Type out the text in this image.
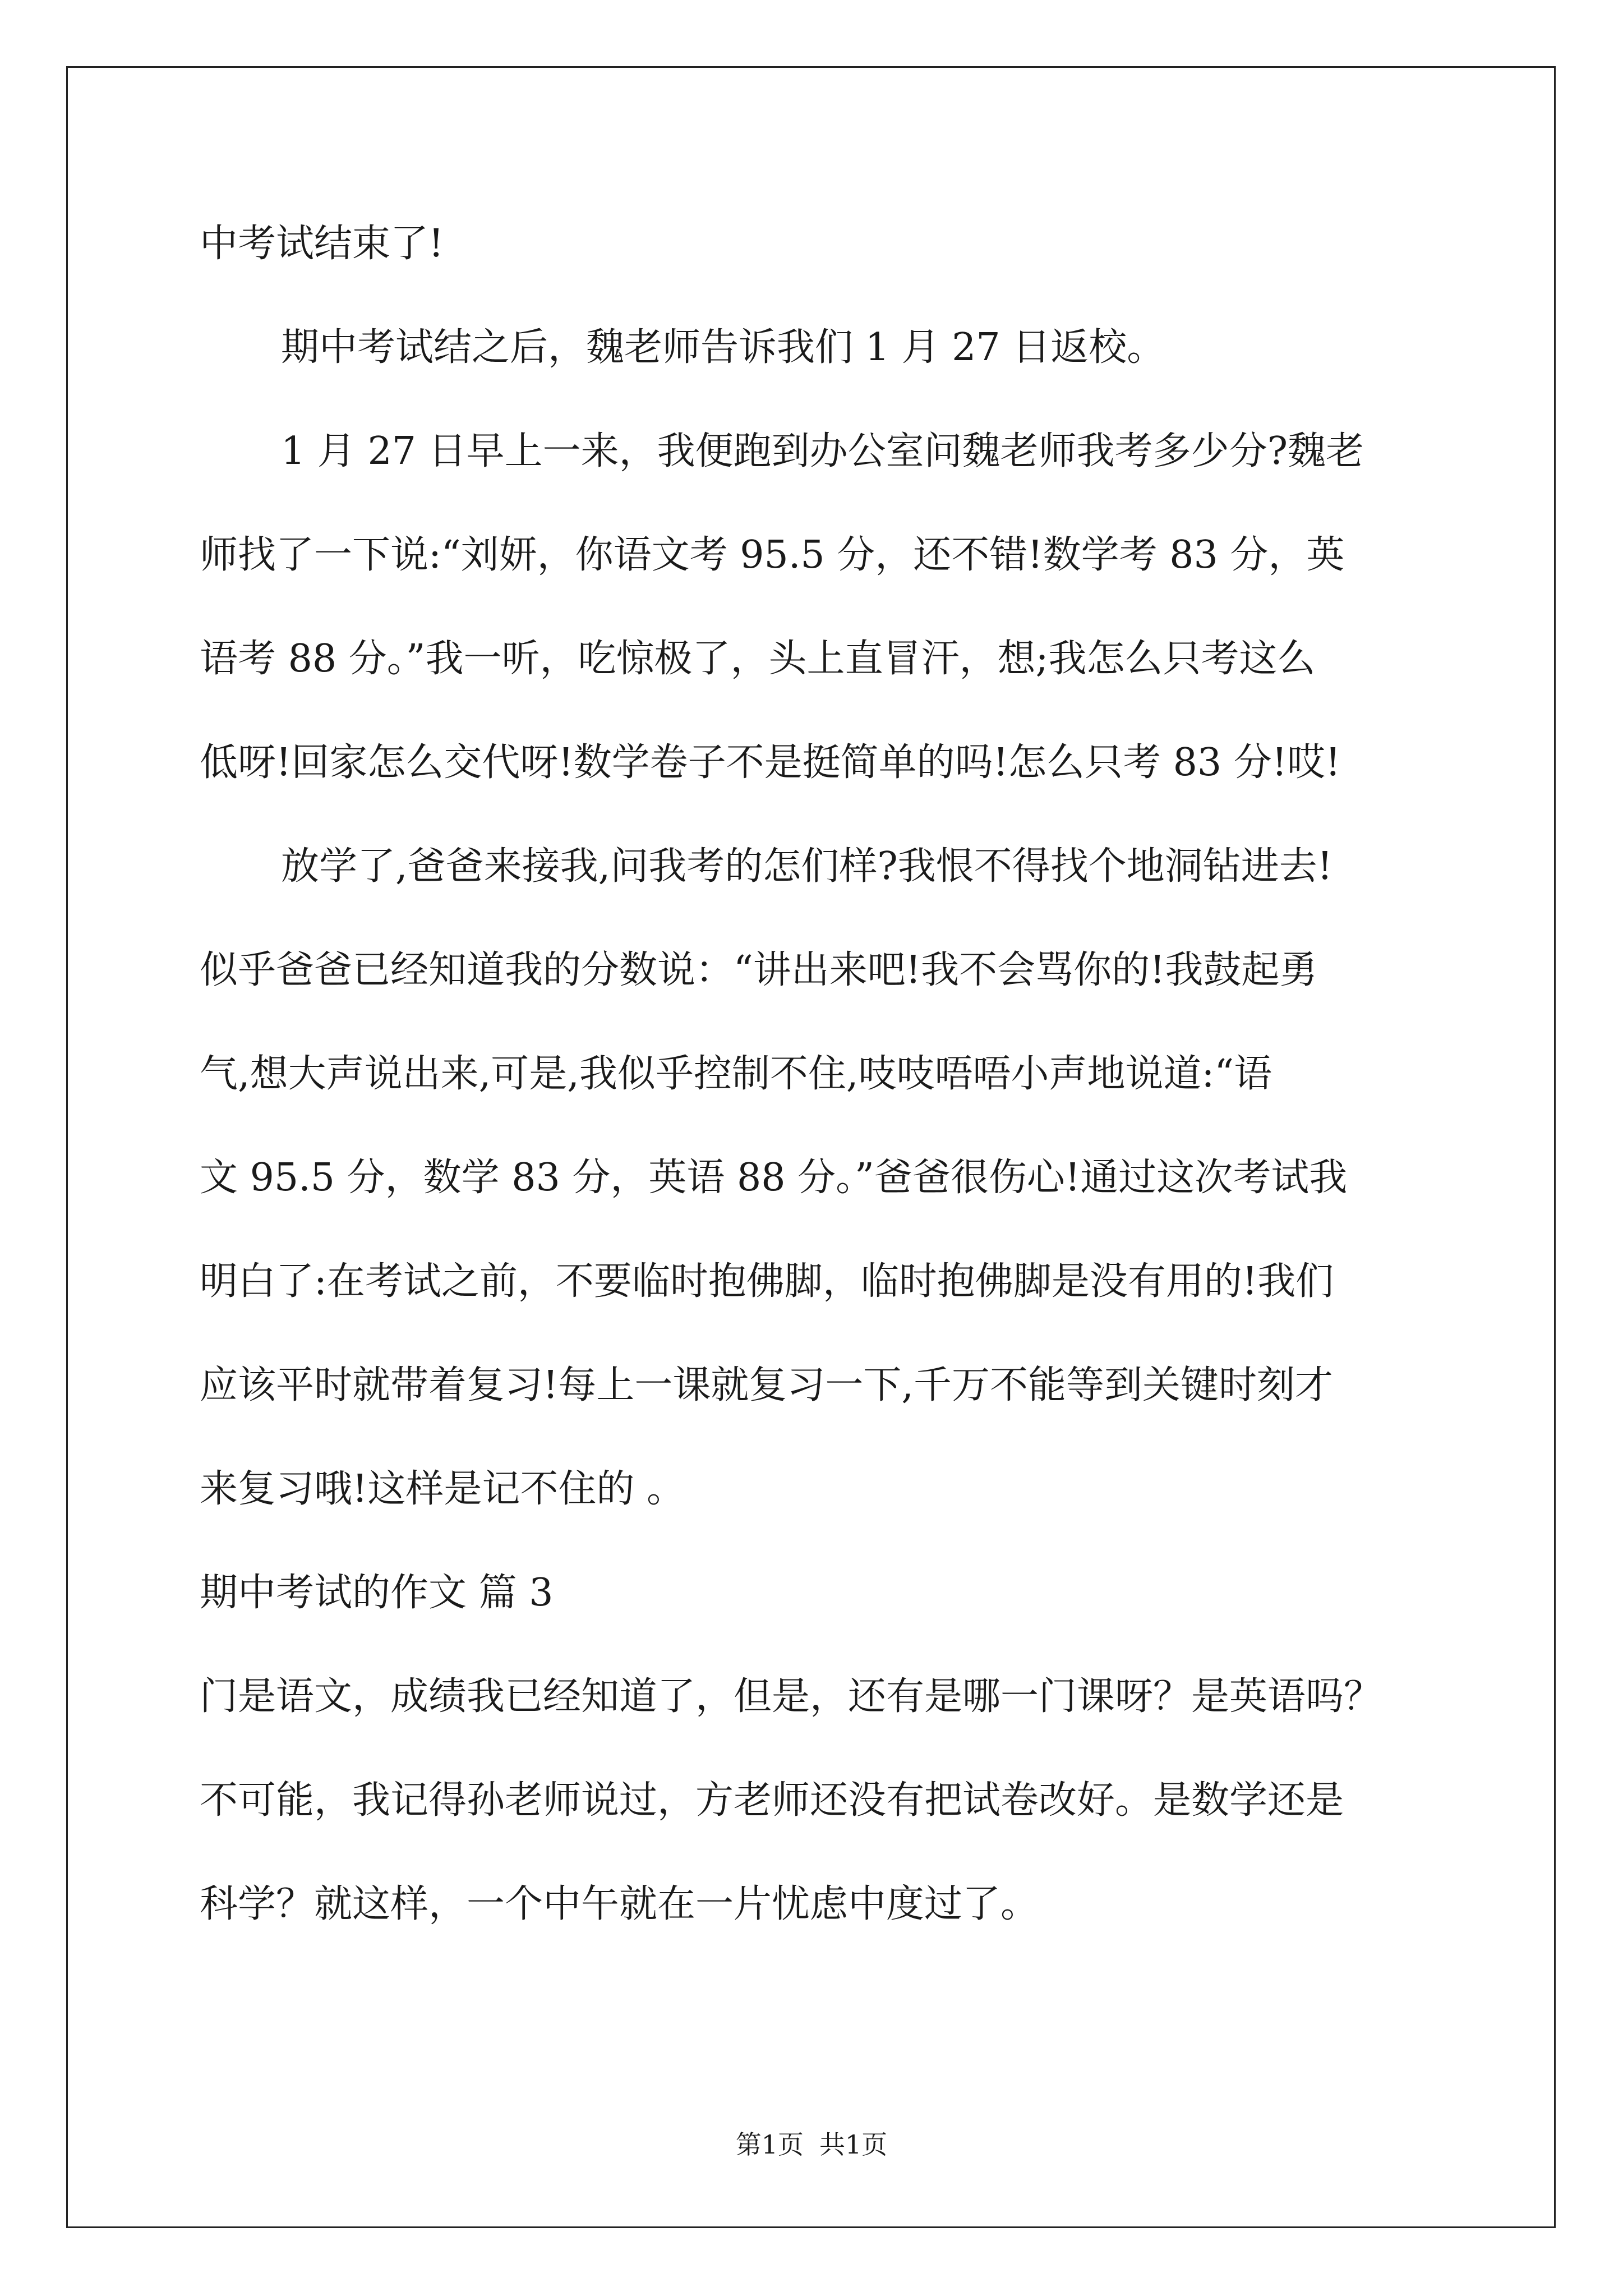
中考试结束了!
期中考试结之后，魏老师告诉我们 1 月 27 日返校。
1 月 27 日早上一来，我便跑到办公室问魏老师我考多少分?魏老
师找了一下说:“刘妍，你语文考 95.5 分，还不错!数学考 83 分，英
语考 88 分。”我一听，吃惊极了，头上直冒汗，想;我怎么只考这么
低呀!回家怎么交代呀!数学卷子不是挺简单的吗!怎么只考 83 分!哎!
放学了,爸爸来接我,问我考的怎们样?我恨不得找个地洞钻进去!
似乎爸爸已经知道我的分数说：“讲出来吧!我不会骂你的!我鼓起勇
气,想大声说出来,可是,我似乎控制不住,吱吱唔唔小声地说道:“语
文 95.5 分，数学 83 分，英语 88 分。”爸爸很伤心!通过这次考试我
明白了:在考试之前，不要临时抱佛脚，临时抱佛脚是没有用的!我们
应该平时就带着复习!每上一课就复习一下,千万不能等到关键时刻才
来复习哦!这样是记不住的 。
期中考试的作文 篇 3
门是语文，成绩我已经知道了，但是，还有是哪一门课呀？是英语吗？
不可能，我记得孙老师说过，方老师还没有把试卷改好。是数学还是
科学？就这样，一个中午就在一片忧虑中度过了。
第1页 共1页
